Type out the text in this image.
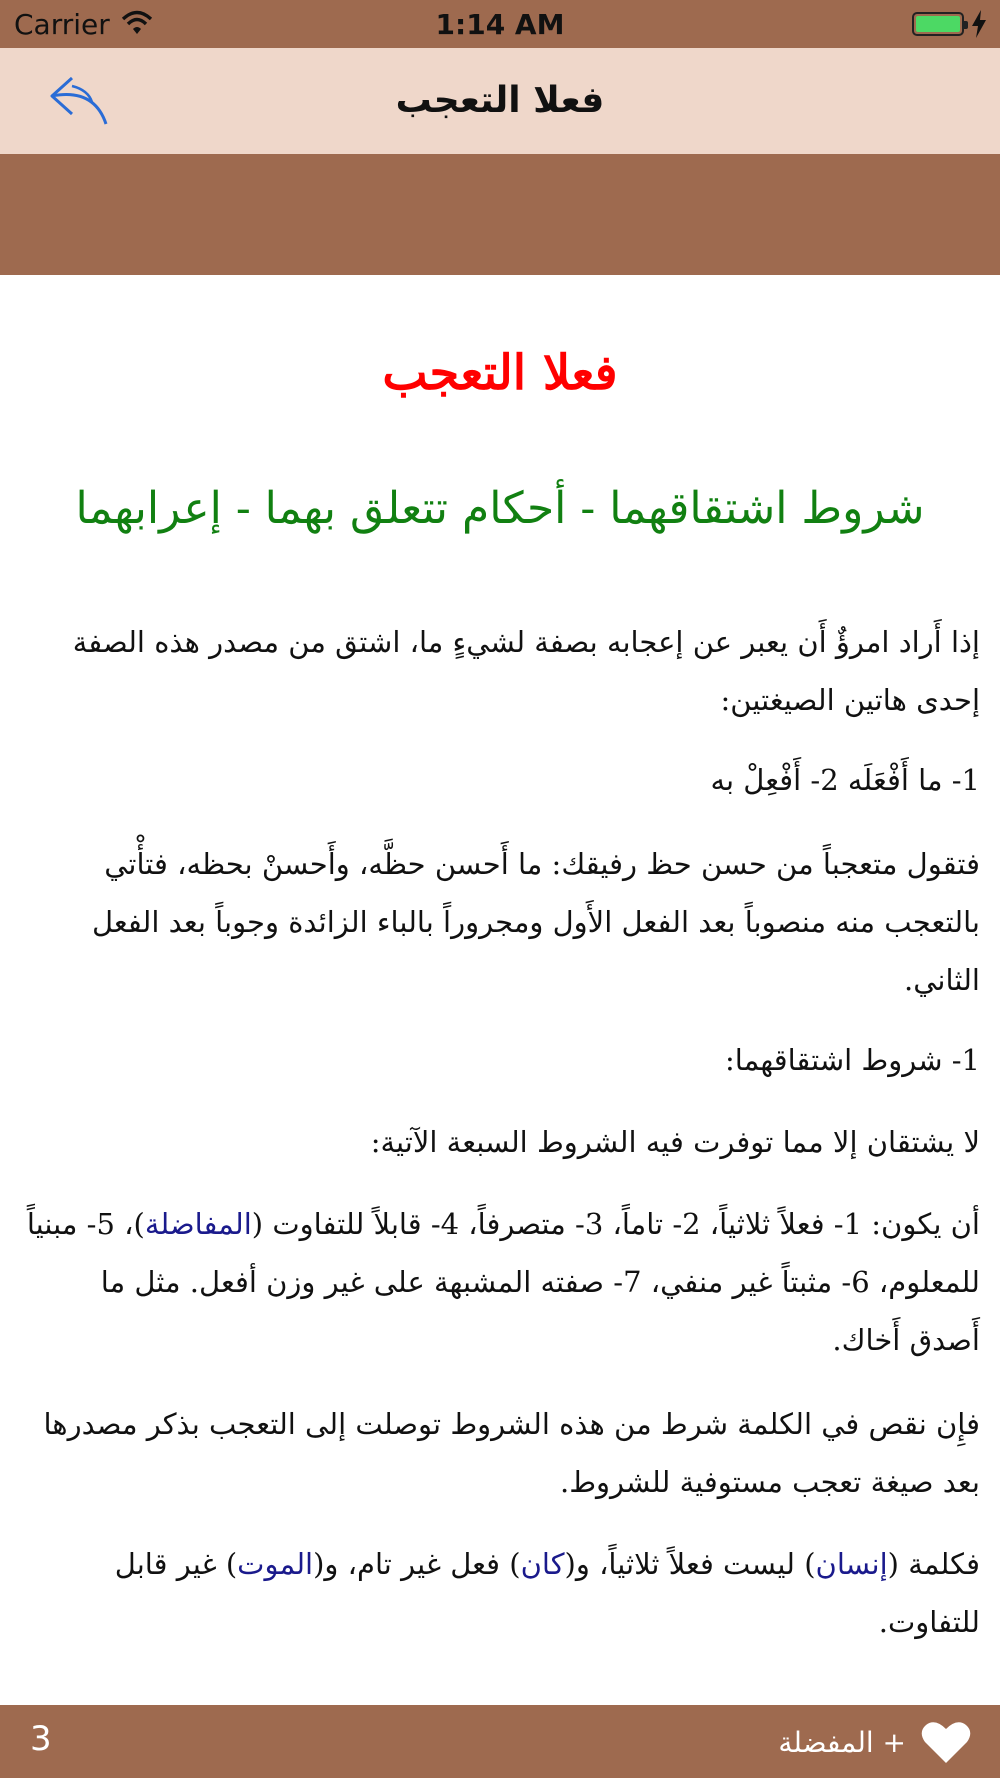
Carrier	1:14 AM
فعلا التعجب
فعلا التعجب
شروط اشتقاقهما - أحكام تتعلق بهما - إعرابهما

إذا أَراد امرؤٌ أَن يعبر عن إعجابه بصفة لشيءٍ ما، اشتق من مصدر هذه الصفة إحدى هاتين الصيغتين:

1- ما أَفْعَلَه 2- أَفْعِلْ به

فتقول متعجباً من حسن حظ رفيقك: ما أَحسن حظَّه، وأَحسنْ بحظه، فتأْتي بالتعجب منه منصوباً بعد الفعل الأَول ومجروراً بالباء الزائدة وجوباً بعد الفعل الثاني.

1- شروط اشتقاقهما:

لا يشتقان إلا مما توفرت فيه الشروط السبعة الآتية:

أن يكون: 1- فعلاً ثلاثياً، 2- تاماً، 3- متصرفاً، 4- قابلاً للتفاوت (المفاضلة)، 5- مبنياً للمعلوم، 6- مثبتاً غير منفي، 7- صفته المشبهة على غير وزن أفعل. مثل ما أَصدق أَخاك.

فإِن نقص في الكلمة شرط من هذه الشروط توصلت إلى التعجب بذكر مصدرها بعد صيغة تعجب مستوفية للشروط.

فكلمة (إنسان) ليست فعلاً ثلاثياً، و(كان) فعل غير تام، و(الموت) غير قابل للتفاوت.

3	+ المفضلة
